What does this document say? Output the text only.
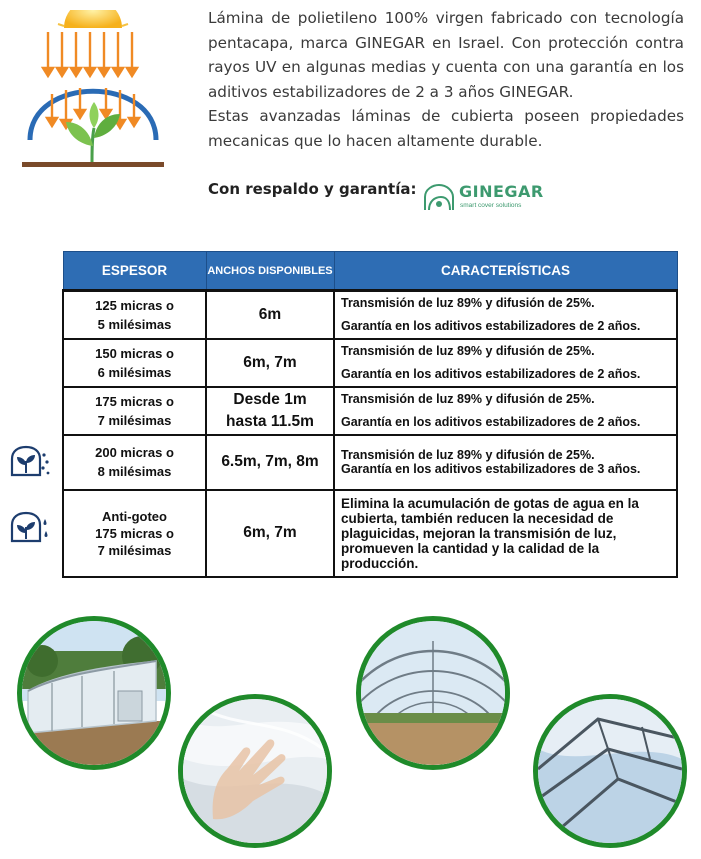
Lámina de polietileno 100% virgen fabricado con tecnología pentacapa, marca GINEGAR en Israel. Con protección contra rayos UV en algunas medias y cuenta con una garantía en los aditivos estabilizadores de 2 a 3 años GINEGAR.

Estas avanzadas láminas de cubierta poseen propiedades mecanicas que lo hacen altamente durable.

Con respaldo y garantía:	GINEGAR
smart cover solutions
ESPESOR	ANCHOS DISPONIBLES	CARACTERÍSTICAS
125 micras o
5 milésimas	6m	Transmisión de luz 89% y difusión de 25%.
Garantía en los aditivos estabilizadores de 2 años.

150 micras o
6 milésimas	6m, 7m	Transmisión de luz 89% y difusión de 25%.
Garantía en los aditivos estabilizadores de 2 años.

175 micras o
7 milésimas	Desde 1m
hasta 11.5m	Transmisión de luz 89% y difusión de 25%.
Garantía en los aditivos estabilizadores de 2 años.

200 micras o
8 milésimas	6.5m, 7m, 8m	Transmisión de luz 89% y difusión de 25%.
Garantía en los aditivos estabilizadores de 3 años.

Anti-goteo
175 micras o
7 milésimas	6m, 7m	Elimina la acumulación de gotas de agua en la cubierta, también reducen la necesidad de plaguicidas, mejoran la transmisión de luz, promueven la cantidad y la calidad de la producción.
